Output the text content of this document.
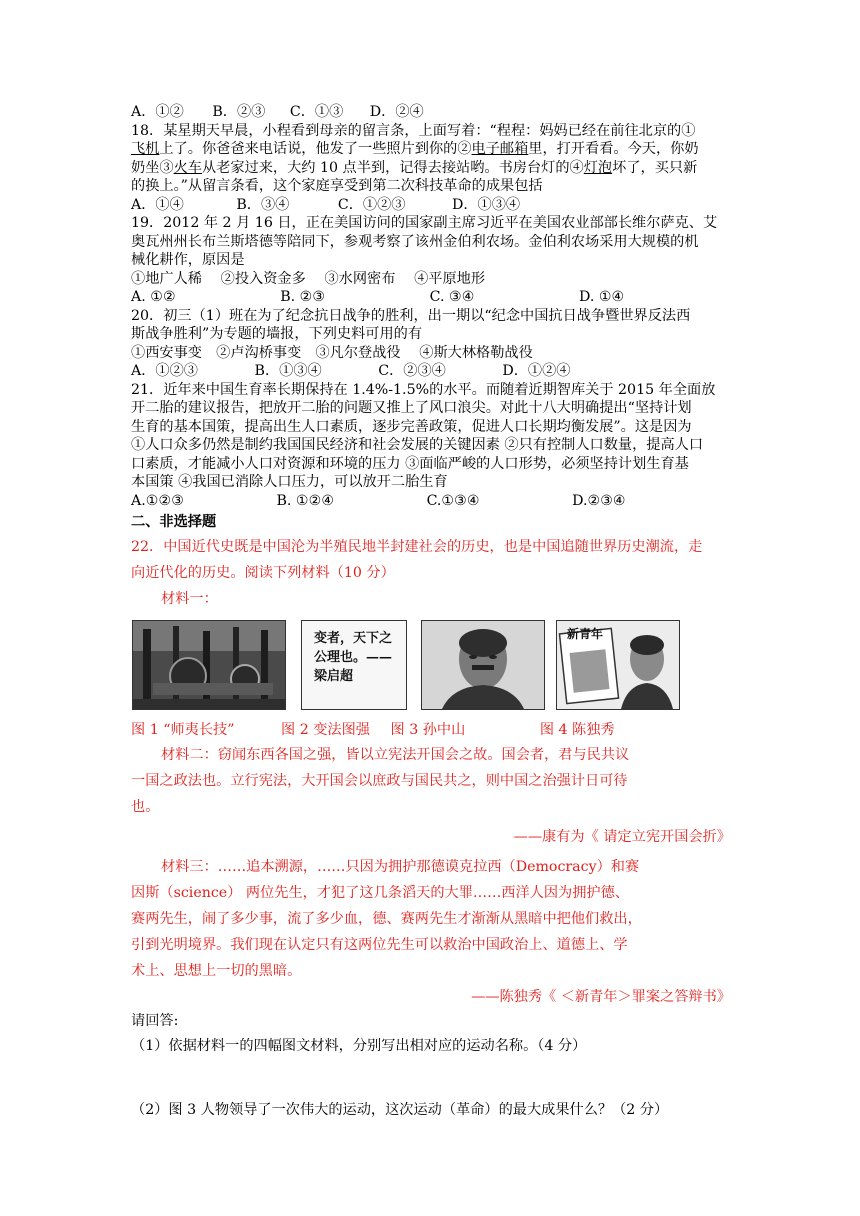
A．①② B．②③ C．①③ D．②④
18．某星期天早晨，小程看到母亲的留言条，上面写着：“程程：妈妈已经在前往北京的①
飞机上了。你爸爸来电话说，他发了一些照片到你的②电子邮箱里，打开看看。今天，你奶
奶坐③火车从老家过来，大约 10 点半到，记得去接站哟。书房台灯的④灯泡坏了，买只新
的换上。”从留言条看，这个家庭享受到第二次科技革命的成果包括
A．①④	B．③④	C．①②③	D．①③④
19．2012 年 2 月 16 日，正在美国访问的国家副主席习近平在美国农业部部长维尔萨克、艾
奥瓦州州长布兰斯塔德等陪同下，参观考察了该州金伯利农场。金伯利农场采用大规模的机
械化耕作，原因是
①地广人稀　 ②投入资金多　 ③水网密布　 ④平原地形
A. ①②	B. ②③	C. ③④	D. ①④
20．初三（1）班在为了纪念抗日战争的胜利，出一期以“纪念中国抗日战争暨世界反法西
斯战争胜利”为专题的墙报，下列史料可用的有
①西安事变　②卢沟桥事变　③凡尔登战役　 ④斯大林格勒战役
A．①②③	B．①③④	C．②③④	D．①②④
21．近年来中国生育率长期保持在 1.4%-1.5%的水平。而随着近期智库关于 2015 年全面放
开二胎的建议报告，把放开二胎的问题又推上了风口浪尖。对此十八大明确提出“坚持计划
生育的基本国策，提高出生人口素质，逐步完善政策，促进人口长期均衡发展”。这是因为
①人口众多仍然是制约我国国民经济和社会发展的关键因素 ②只有控制人口数量，提高人口
口素质，才能减小人口对资源和环境的压力 ③面临严峻的人口形势，必须坚持计划生育基
本国策 ④我国已消除人口压力，可以放开二胎生育
A.①②③	B. ①②④	C.①③④	D.②③④
二、非选择题
22．中国近代史既是中国沦为半殖民地半封建社会的历史，也是中国追随世界历史潮流，走
向近代化的历史。阅读下列材料（10 分）
材料一：
变者，天下之公理也。——梁启超
新青年
图 1 “师夷长技”	图 2 变法图强 图 3 孙中山	图 4 陈独秀
材料二：窃闻东西各国之强，皆以立宪法开国会之故。国会者，君与民共议
一国之政法也。立行宪法，大开国会以庶政与国民共之，则中国之治强计日可待
也。
——康有为《 请定立宪开国会折》
材料三：……追本溯源，……只因为拥护那德谟克拉西（Democracy）和赛
因斯（science） 两位先生，才犯了这几条滔天的大罪……西洋人因为拥护德、
赛两先生，闹了多少事，流了多少血，德、赛两先生才渐渐从黑暗中把他们救出，
引到光明境界。我们现在认定只有这两位先生可以救治中国政治上、道德上、学
术上、思想上一切的黑暗。
——陈独秀《 ＜新青年＞罪案之答辩书》
请回答:
（1）依据材料一的四幅图文材料，分别写出相对应的运动名称。（4 分）
（2）图 3 人物领导了一次伟大的运动，这次运动（革命）的最大成果什么？（2 分）
